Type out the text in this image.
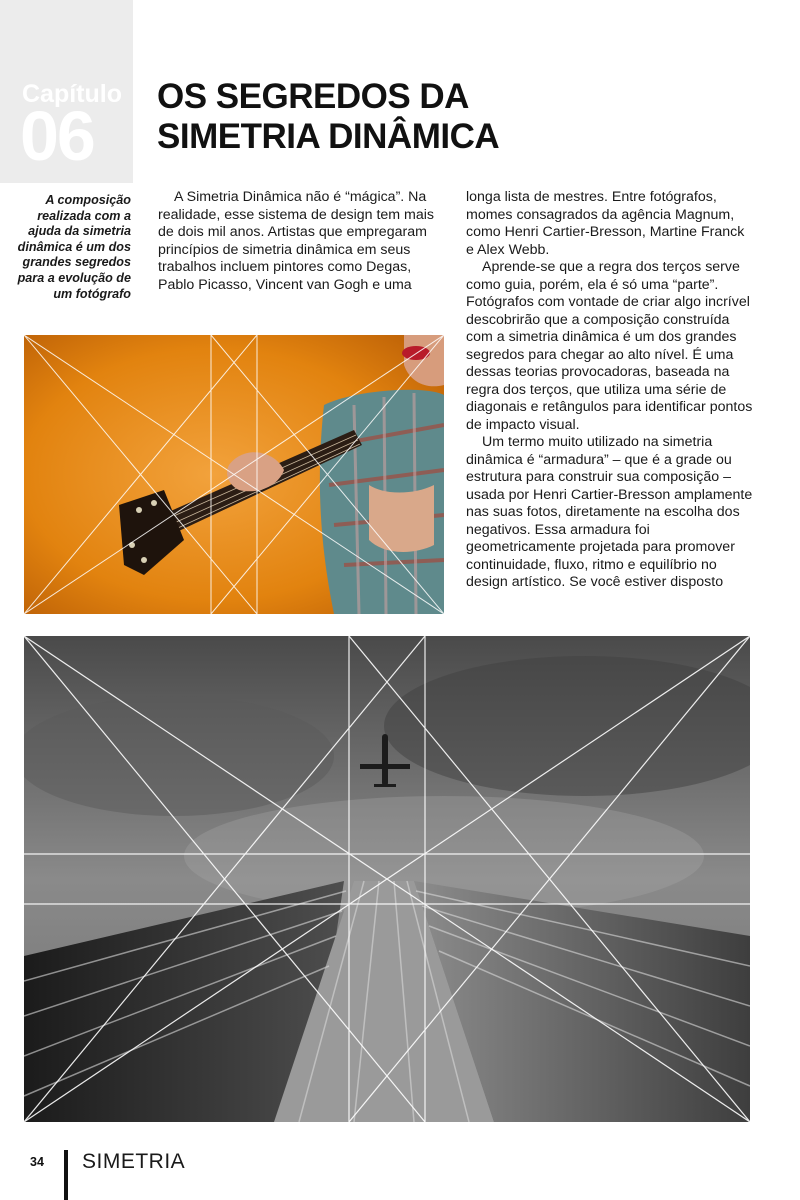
Capítulo
06
OS SEGREDOS DA
SIMETRIA DINÂMICA

A composição realizada com a ajuda da simetria dinâmica é um dos grandes segredos para a evolução de um fotógrafo

A Simetria Dinâmica não é “mágica”. Na realidade, esse sistema de design tem mais de dois mil anos. Artistas que empregaram princípios de simetria dinâmica em seus trabalhos incluem pintores como Degas, Pablo Picasso, Vincent van Gogh e uma

longa lista de mestres. Entre fotógrafos, momes consagrados da agência Magnum, como Henri Cartier-Bresson, Martine Franck e Alex Webb.

Aprende-se que a regra dos terços serve como guia, porém, ela é só uma “parte”. Fotógrafos com vontade de criar algo incrível descobrirão que a composição construída com a simetria dinâmica é um dos grandes segredos para chegar ao alto nível. É uma dessas teorias provocadoras, baseada na regra dos terços, que utiliza uma série de diagonais e retângulos para identificar pontos de impacto visual.

Um termo muito utilizado na simetria dinâmica é “armadura” – que é a grade ou estrutura para construir sua composição – usada por Henri Cartier-Bresson amplamente nas suas fotos, diretamente na escolha dos negativos. Essa armadura foi geometricamente projetada para promover continuidade, fluxo, ritmo e equilíbrio no design artístico. Se você estiver disposto

34 SIMETRIA
